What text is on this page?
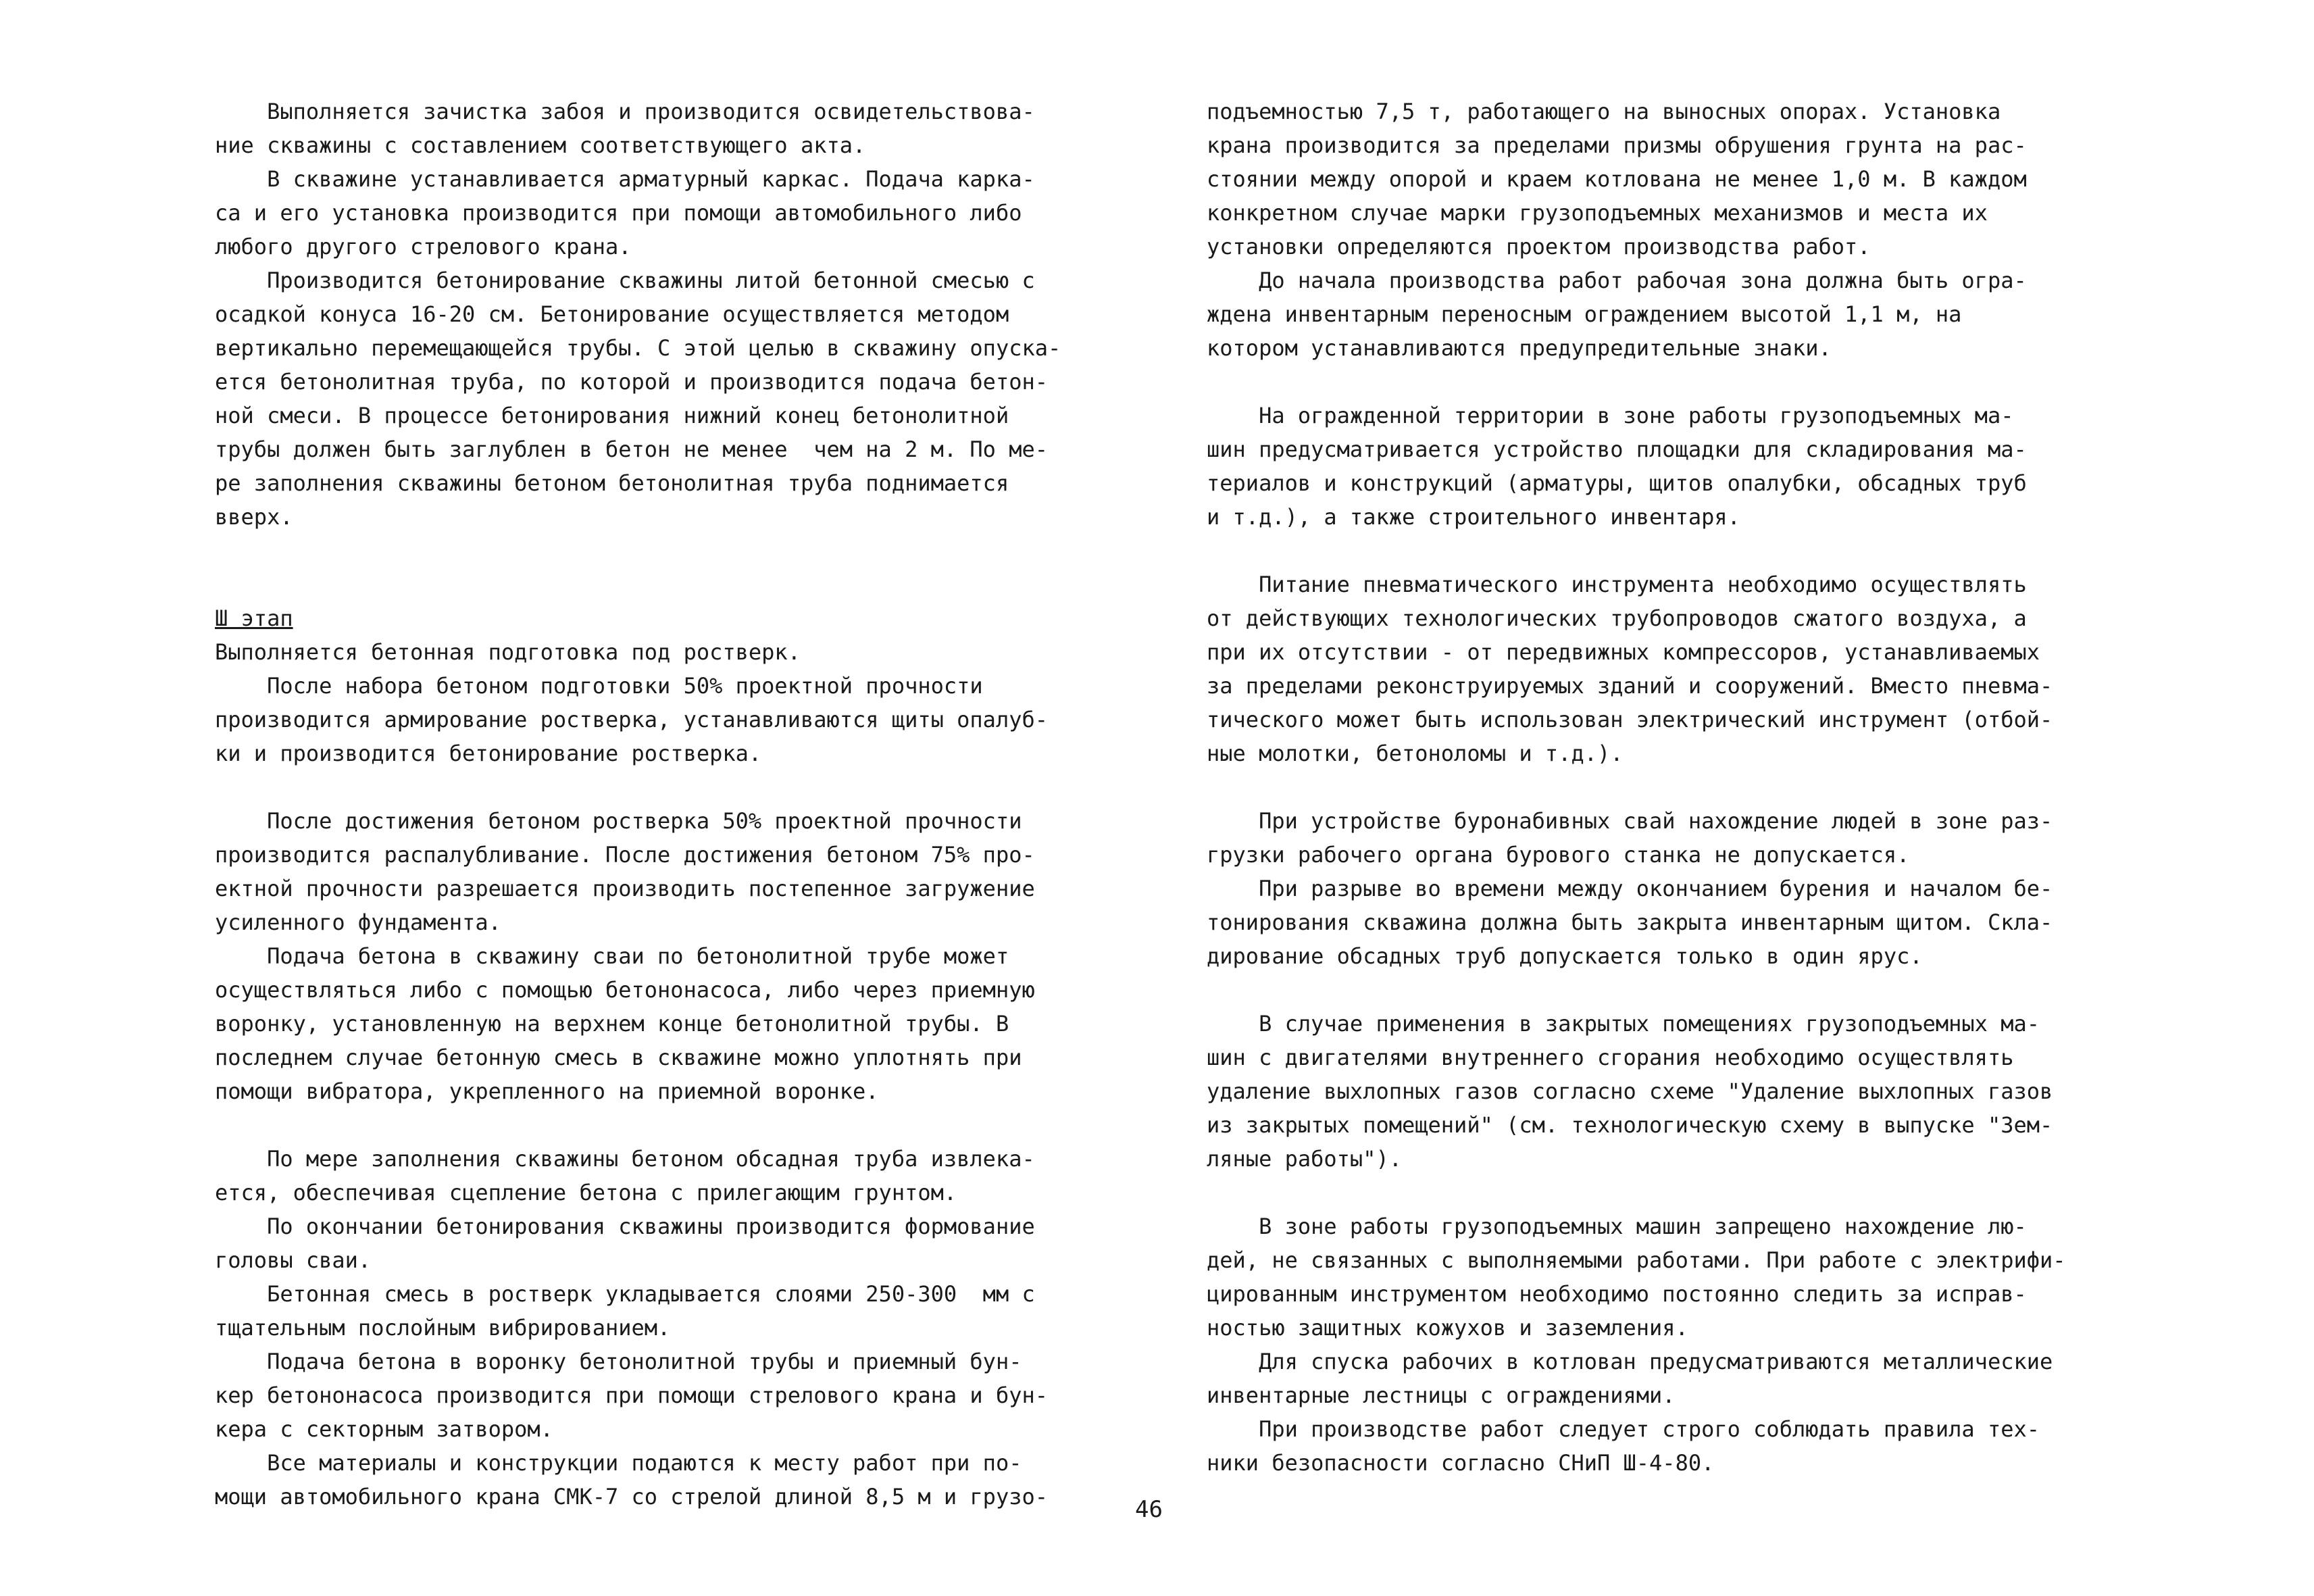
Выполняется зачистка забоя и производится освидетельствова-
ние скважины с составлением соответствующего акта.
В скважине устанавливается арматурный каркас. Подача карка-
са и его установка производится при помощи автомобильного либо
любого другого стрелового крана.
Производится бетонирование скважины литой бетонной смесью с
осадкой конуса 16-20 см. Бетонирование осуществляется методом
вертикально перемещающейся трубы. С этой целью в скважину опуска-
ется бетонолитная труба, по которой и производится подача бетон-
ной смеси. В процессе бетонирования нижний конец бетонолитной
трубы должен быть заглублен в бетон не менее  чем на 2 м. По ме-
ре заполнения скважины бетоном бетонолитная труба поднимается
вверх.
Ш этап
Выполняется бетонная подготовка под ростверк.
После набора бетоном подготовки 50% проектной прочности
производится армирование ростверка, устанавливаются щиты опалуб-
ки и производится бетонирование ростверка.
После достижения бетоном ростверка 50% проектной прочности
производится распалубливание. После достижения бетоном 75% про-
ектной прочности разрешается производить постепенное загружение
усиленного фундамента.
Подача бетона в скважину сваи по бетонолитной трубе может
осуществляться либо с помощью бетононасоса, либо через приемную
воронку, установленную на верхнем конце бетонолитной трубы. В
последнем случае бетонную смесь в скважине можно уплотнять при
помощи вибратора, укрепленного на приемной воронке.
По мере заполнения скважины бетоном обсадная труба извлека-
ется, обеспечивая сцепление бетона с прилегающим грунтом.
По окончании бетонирования скважины производится формование
головы сваи.
Бетонная смесь в ростверк укладывается слоями 250-300  мм с
тщательным послойным вибрированием.
Подача бетона в воронку бетонолитной трубы и приемный бун-
кер бетононасоса производится при помощи стрелового крана и бун-
кера с секторным затвором.
Все материалы и конструкции подаются к месту работ при по-
мощи автомобильного крана СМК-7 со стрелой длиной 8,5 м и грузо-
подъемностью 7,5 т, работающего на выносных опорах. Установка
крана производится за пределами призмы обрушения грунта на рас-
стоянии между опорой и краем котлована не менее 1,0 м. В каждом
конкретном случае марки грузоподъемных механизмов и места их
установки определяются проектом производства работ.
До начала производства работ рабочая зона должна быть огра-
ждена инвентарным переносным ограждением высотой 1,1 м, на
котором устанавливаются предупредительные знаки.
На огражденной территории в зоне работы грузоподъемных ма-
шин предусматривается устройство площадки для складирования ма-
териалов и конструкций (арматуры, щитов опалубки, обсадных труб
и т.д.), а также строительного инвентаря.
Питание пневматического инструмента необходимо осуществлять
от действующих технологических трубопроводов сжатого воздуха, а
при их отсутствии - от передвижных компрессоров, устанавливаемых
за пределами реконструируемых зданий и сооружений. Вместо пневма-
тического может быть использован электрический инструмент (отбой-
ные молотки, бетоноломы и т.д.).
При устройстве буронабивных свай нахождение людей в зоне раз-
грузки рабочего органа бурового станка не допускается.
При разрыве во времени между окончанием бурения и началом бе-
тонирования скважина должна быть закрыта инвентарным щитом. Скла-
дирование обсадных труб допускается только в один ярус.
В случае применения в закрытых помещениях грузоподъемных ма-
шин с двигателями внутреннего сгорания необходимо осуществлять
удаление выхлопных газов согласно схеме "Удаление выхлопных газов
из закрытых помещений" (см. технологическую схему в выпуске "Зем-
ляные работы").
В зоне работы грузоподъемных машин запрещено нахождение лю-
дей, не связанных с выполняемыми работами. При работе с электрифи-
цированным инструментом необходимо постоянно следить за исправ-
ностью защитных кожухов и заземления.
Для спуска рабочих в котлован предусматриваются металлические
инвентарные лестницы с ограждениями.
При производстве работ следует строго соблюдать правила тех-
ники безопасности согласно СНиП Ш-4-80.
46
